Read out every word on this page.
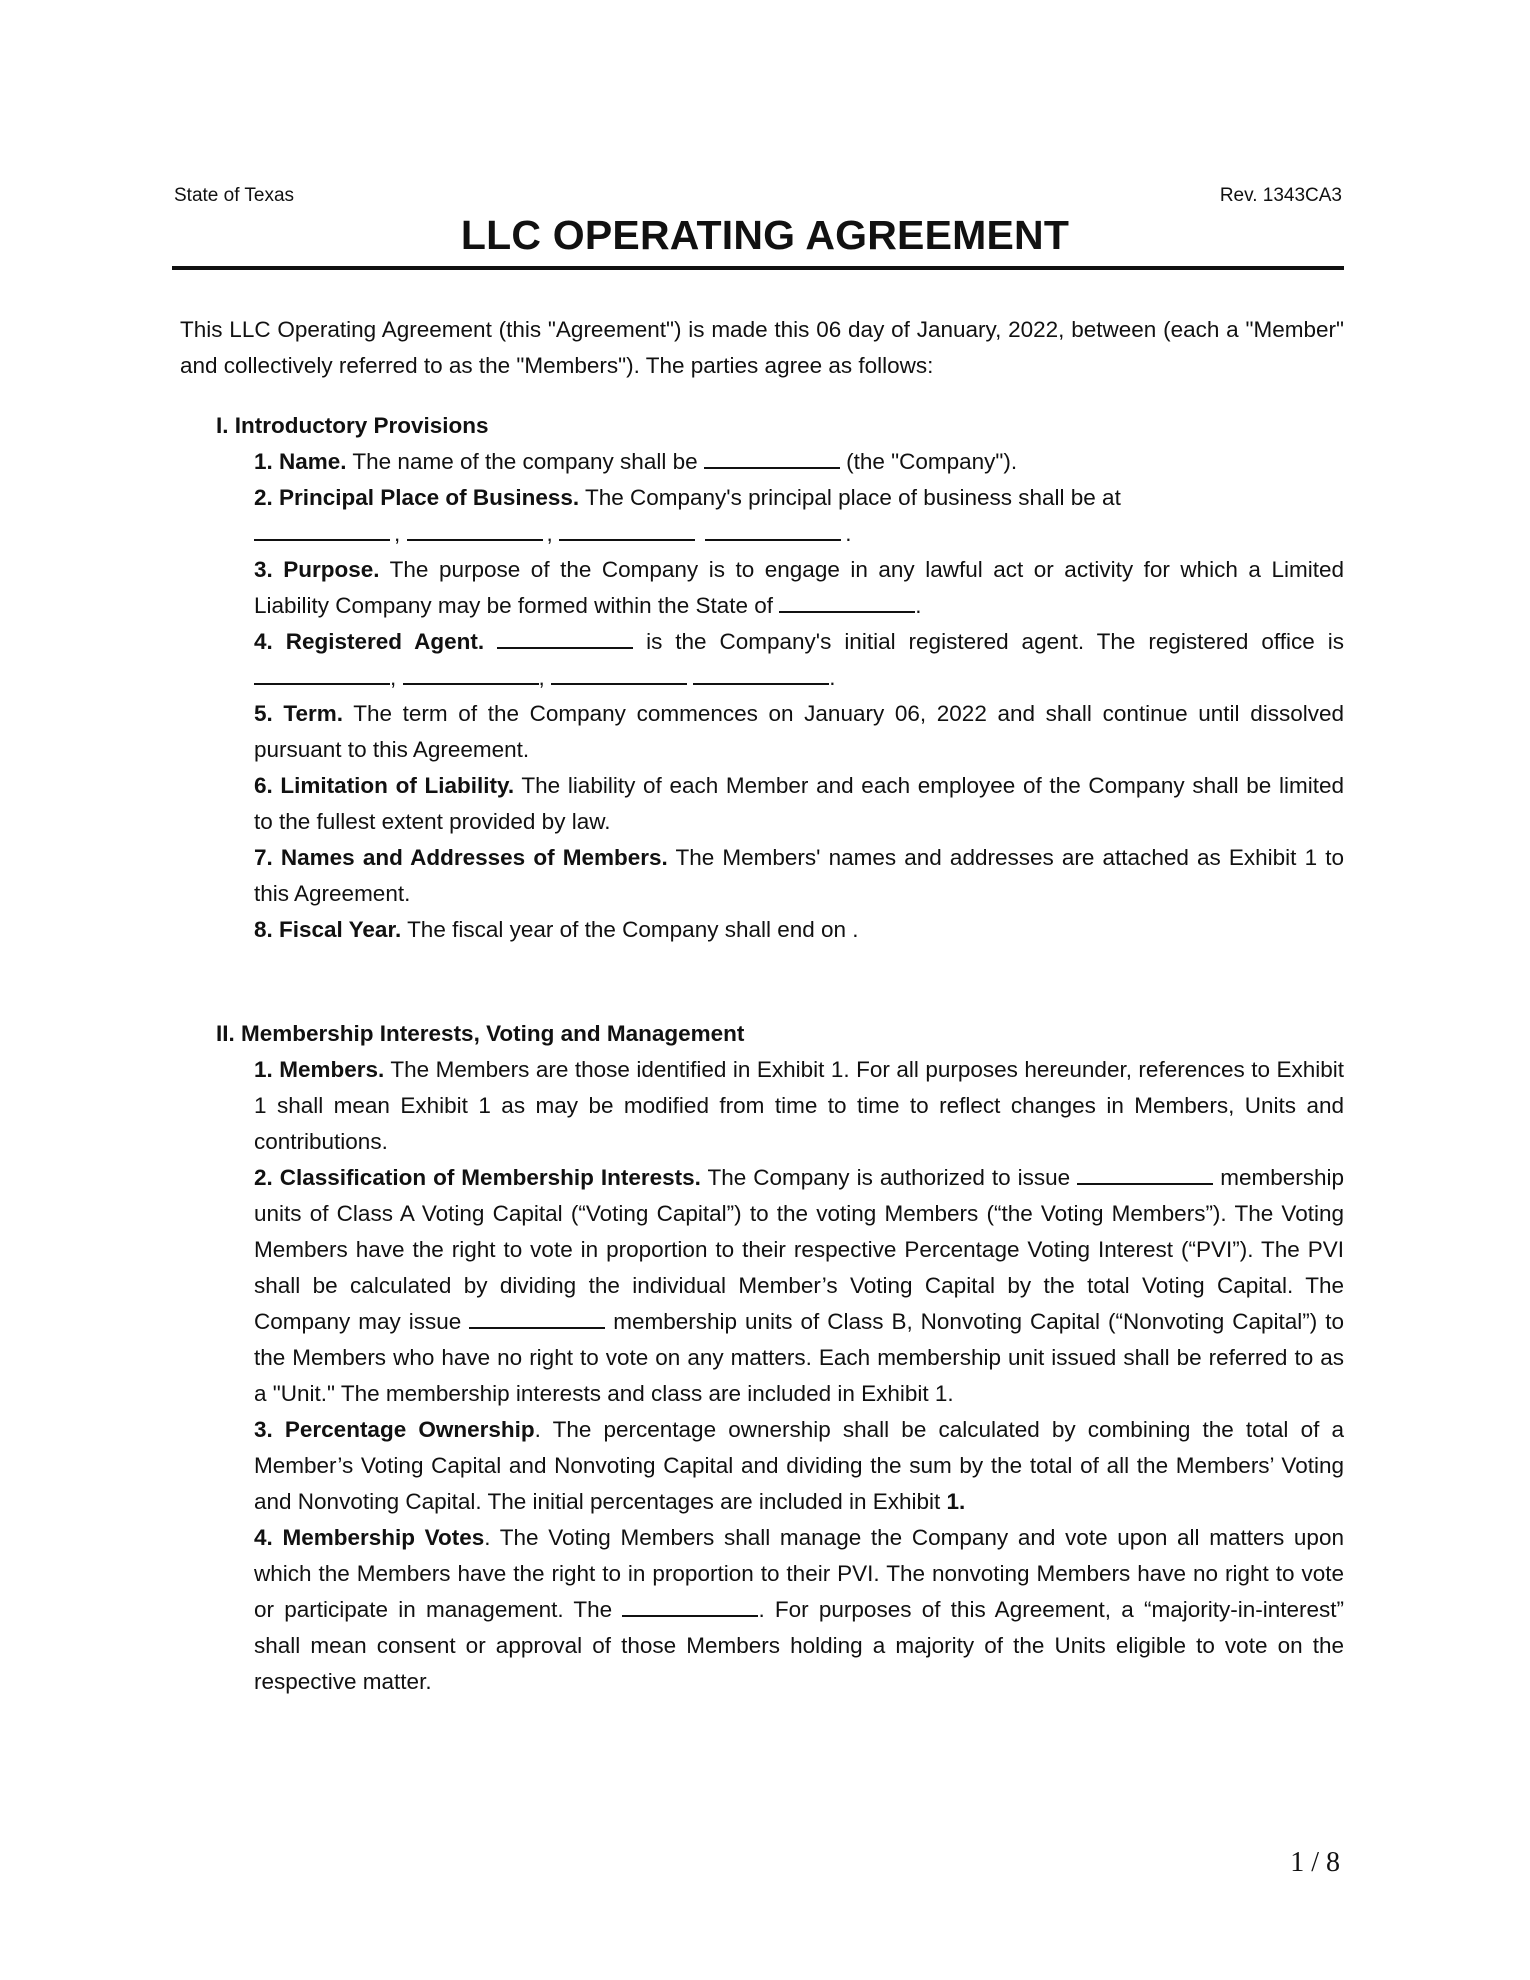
State of Texas	Rev. 1343CA3
LLC OPERATING AGREEMENT

This LLC Operating Agreement (this "Agreement") is made this 06 day of January, 2022, between (each a "Member" and collectively referred to as the "Members"). The parties agree as follows:

I. Introductory Provisions

1. Name. The name of the company shall be	(the "Company").

2. Principal Place of Business. The Company's principal place of business shall be at

,	,	.

3. Purpose. The purpose of the Company is to engage in any lawful act or activity for which a Limited Liability Company may be formed within the State of	.

4. Registered Agent.	is the Company's initial registered agent. The registered office is ,	,	.

5. Term. The term of the Company commences on January 06, 2022 and shall continue until dissolved pursuant to this Agreement.

6. Limitation of Liability. The liability of each Member and each employee of the Company shall be limited to the fullest extent provided by law.

7. Names and Addresses of Members. The Members' names and addresses are attached as Exhibit 1 to this Agreement.

8. Fiscal Year. The fiscal year of the Company shall end on .

II. Membership Interests, Voting and Management

1. Members. The Members are those identified in Exhibit 1. For all purposes hereunder, references to Exhibit 1 shall mean Exhibit 1 as may be modified from time to time to reflect changes in Members, Units and contributions.

2. Classification of Membership Interests. The Company is authorized to issue	membership units of Class A Voting Capital (“Voting Capital”) to the voting Members (“the Voting Members”). The Voting Members have the right to vote in proportion to their respective Percentage Voting Interest (“PVI”). The PVI shall be calculated by dividing the individual Member’s Voting Capital by the total Voting Capital. The Company may issue	membership units of Class B, Nonvoting Capital (“Nonvoting Capital”) to the Members who have no right to vote on any matters. Each membership unit issued shall be referred to as a "Unit." The membership interests and class are included in Exhibit 1.

3. Percentage Ownership. The percentage ownership shall be calculated by combining the total of a Member’s Voting Capital and Nonvoting Capital and dividing the sum by the total of all the Members’ Voting and Nonvoting Capital. The initial percentages are included in Exhibit 1.

4. Membership Votes. The Voting Members shall manage the Company and vote upon all matters upon which the Members have the right to in proportion to their PVI. The nonvoting Members have no right to vote or participate in management. The	. For purposes of this Agreement, a “majority-in-interest” shall mean consent or approval of those Members holding a majority of the Units eligible to vote on the respective matter.

1 / 8
